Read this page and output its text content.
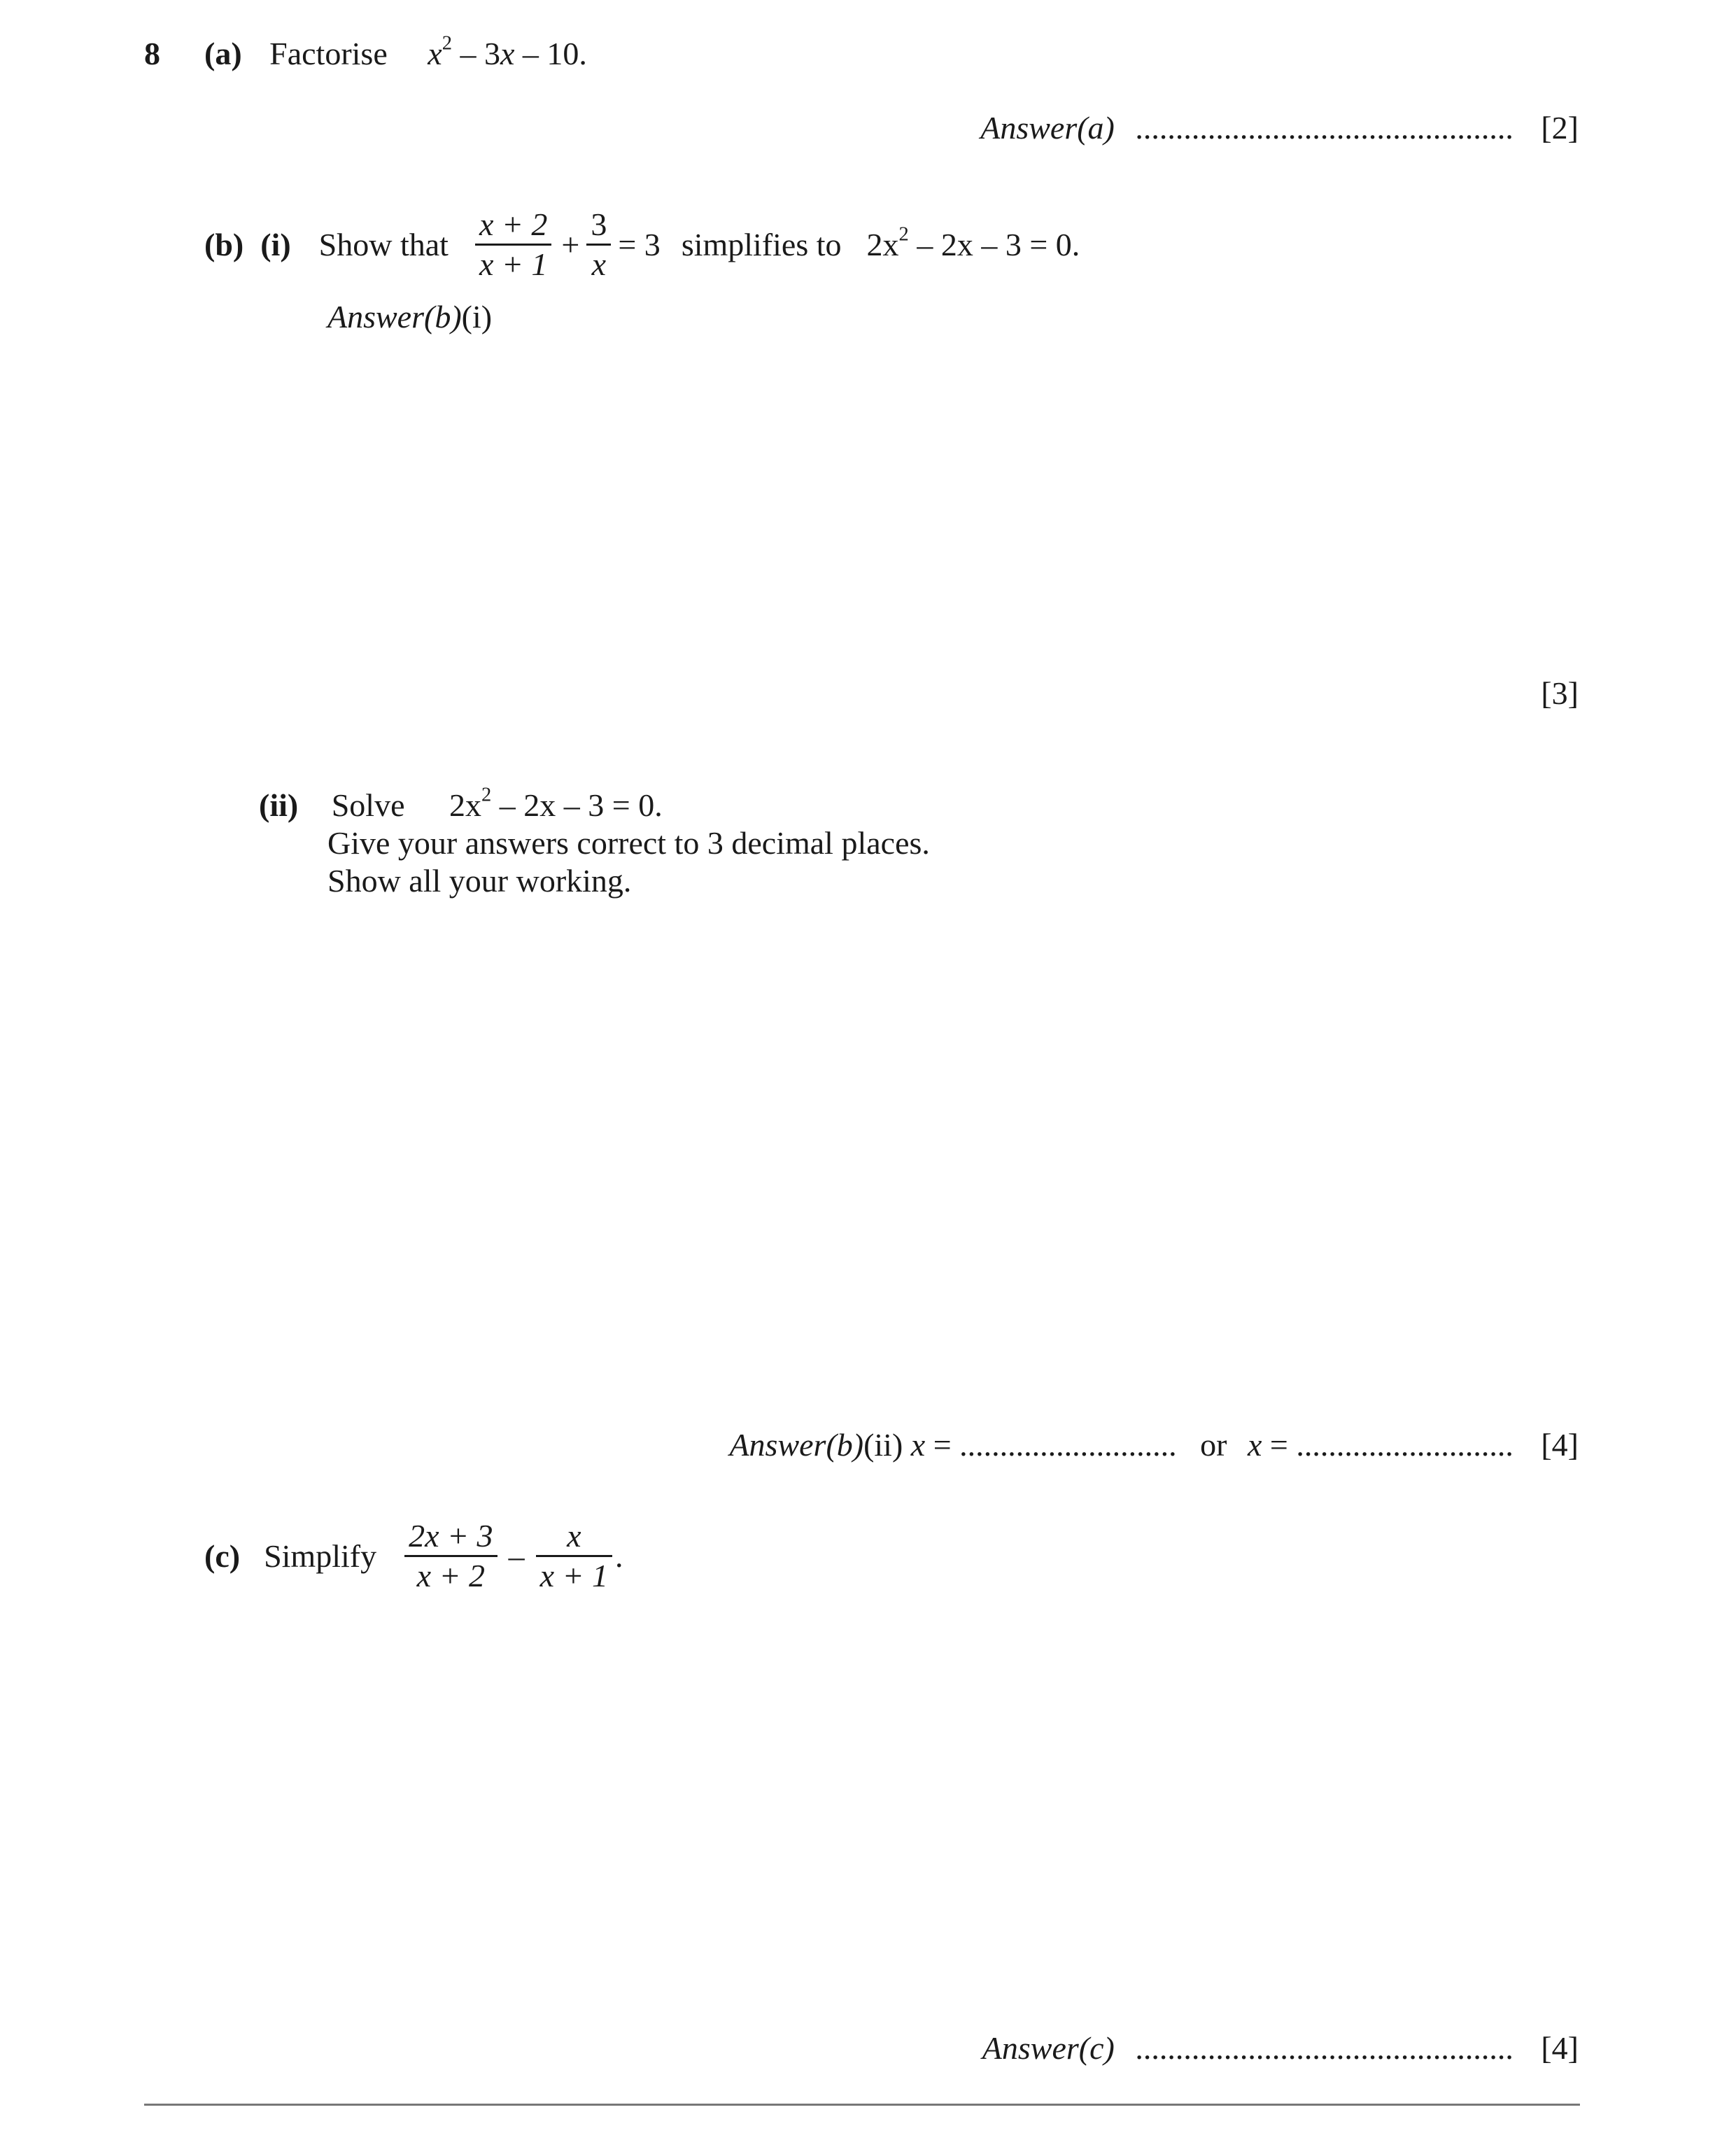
8 (a) Factorise $x^2 - 3x - 10$.
Answer(a) ............................................... [2]
(b) (i) Show that $\frac{x + 2}{x + 1} + \frac{3}{x} = 3$ simplifies to $2x^2 - 2x - 3 = 0$.
Answer(b)(i)
[3]
(ii) Solve $2x^2 - 2x - 3 = 0$.
Give your answers correct to 3 decimal places.
Show all your working.
Answer(b)(ii) x = ........................... or x = ........................... [4]
(c) Simplify $\frac{2x + 3}{x + 2} - \frac{x}{x + 1}$ .
Answer(c) ............................................... [4]
